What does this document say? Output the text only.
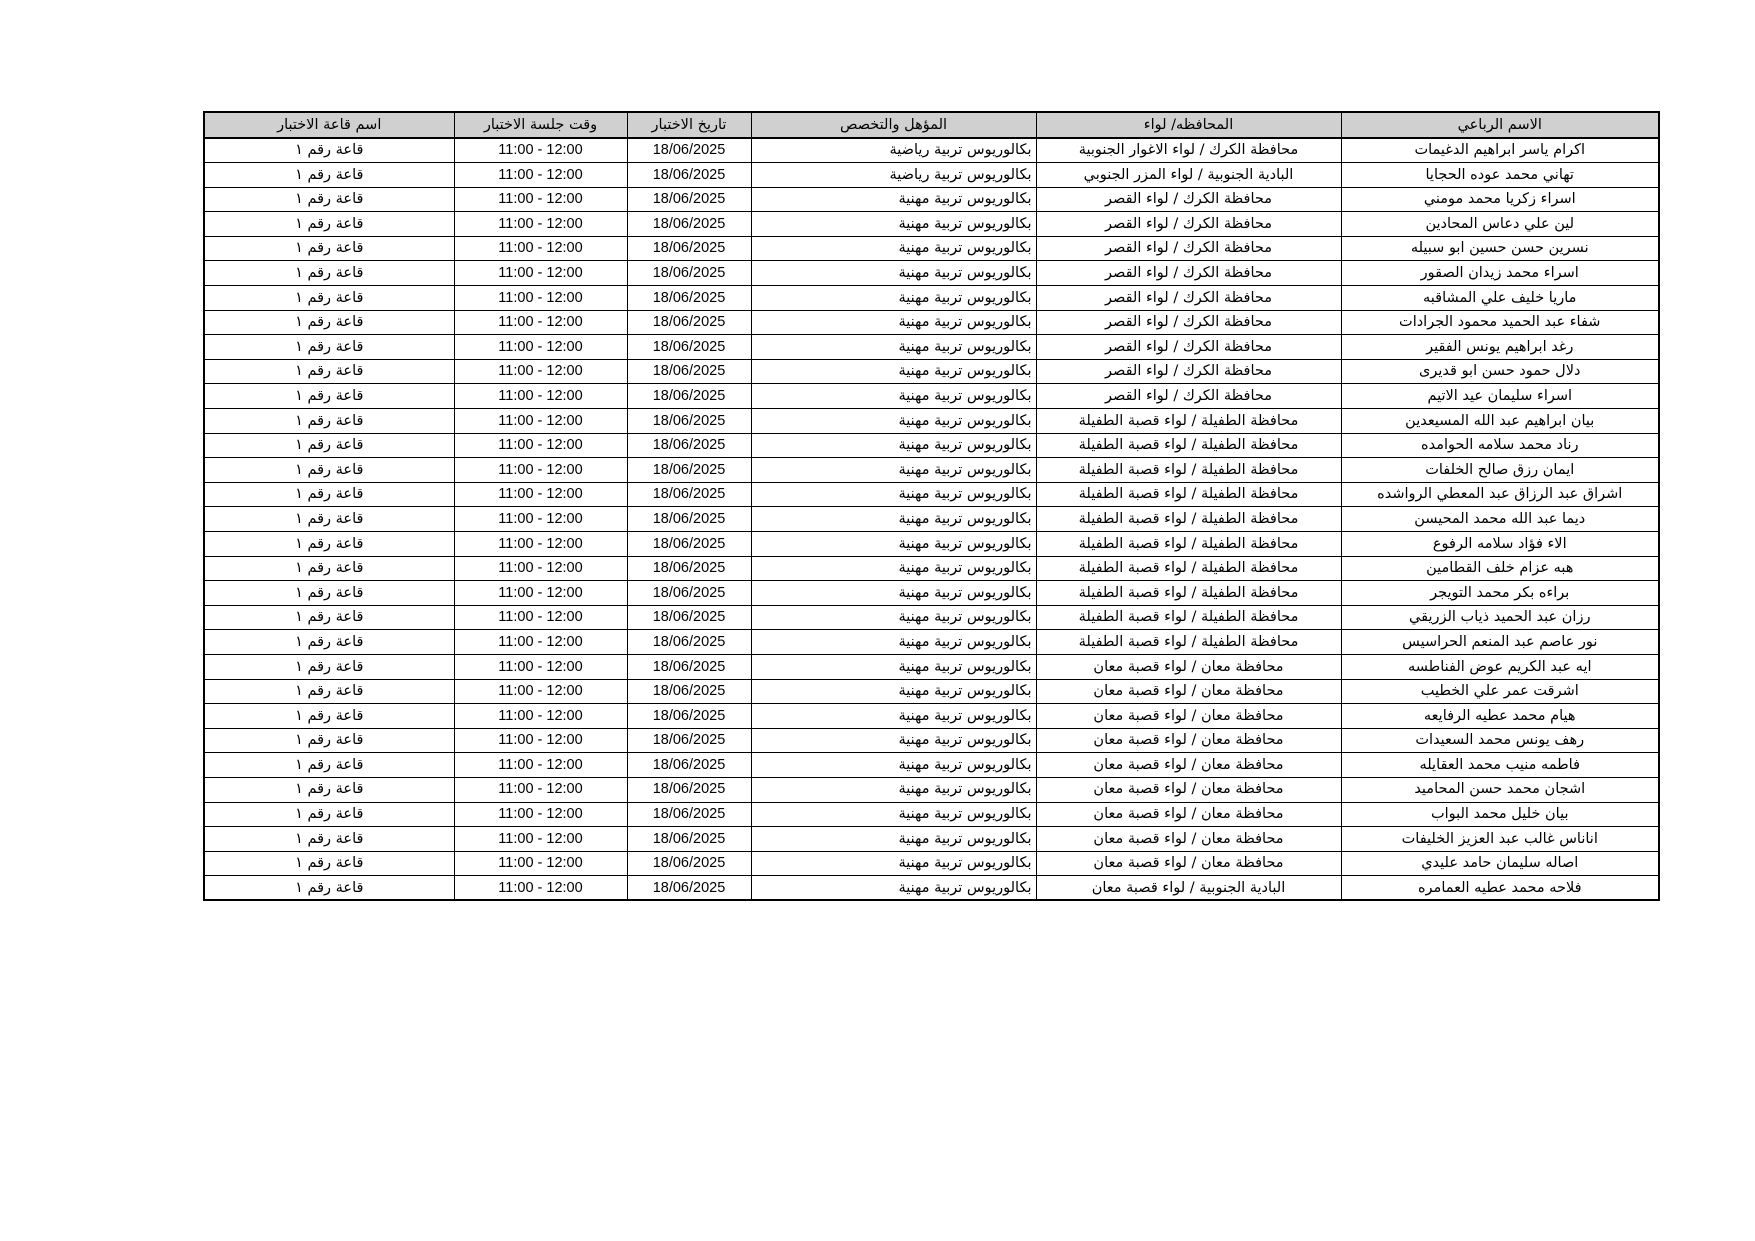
الاسم الرباعي	المحافظه/ لواء	المؤهل والتخصص	تاريخ الاختبار	وقت جلسة الاختبار	اسم قاعة الاختبار
اكرام ياسر ابراهيم الدغيمات	محافظة الكرك / لواء الاغوار الجنوبية	بكالوريوس تربية رياضية	18/06/2025	11:00 - 12:00	قاعة رقم ١
تهاني محمد عوده الحجايا	البادية الجنوبية / لواء المزر الجنوبي	بكالوريوس تربية رياضية	18/06/2025	11:00 - 12:00	قاعة رقم ١
اسراء زكريا محمد مومني	محافظة الكرك / لواء القصر	بكالوريوس تربية مهنية	18/06/2025	11:00 - 12:00	قاعة رقم ١
لين علي دعاس المحادين	محافظة الكرك / لواء القصر	بكالوريوس تربية مهنية	18/06/2025	11:00 - 12:00	قاعة رقم ١
نسرين حسن حسين ابو سبيله	محافظة الكرك / لواء القصر	بكالوريوس تربية مهنية	18/06/2025	11:00 - 12:00	قاعة رقم ١
اسراء محمد زيدان الصقور	محافظة الكرك / لواء القصر	بكالوريوس تربية مهنية	18/06/2025	11:00 - 12:00	قاعة رقم ١
ماريا خليف علي المشاقبه	محافظة الكرك / لواء القصر	بكالوريوس تربية مهنية	18/06/2025	11:00 - 12:00	قاعة رقم ١
شفاء عبد الحميد محمود الجرادات	محافظة الكرك / لواء القصر	بكالوريوس تربية مهنية	18/06/2025	11:00 - 12:00	قاعة رقم ١
رغد ابراهيم يونس الفقير	محافظة الكرك / لواء القصر	بكالوريوس تربية مهنية	18/06/2025	11:00 - 12:00	قاعة رقم ١
دلال حمود حسن ابو قديرى	محافظة الكرك / لواء القصر	بكالوريوس تربية مهنية	18/06/2025	11:00 - 12:00	قاعة رقم ١
اسراء سليمان عيد الاتيم	محافظة الكرك / لواء القصر	بكالوريوس تربية مهنية	18/06/2025	11:00 - 12:00	قاعة رقم ١
بيان ابراهيم عبد الله المسيعدين	محافظة الطفيلة / لواء قصبة الطفيلة	بكالوريوس تربية مهنية	18/06/2025	11:00 - 12:00	قاعة رقم ١
رناد محمد سلامه الحوامده	محافظة الطفيلة / لواء قصبة الطفيلة	بكالوريوس تربية مهنية	18/06/2025	11:00 - 12:00	قاعة رقم ١
ايمان رزق صالح الخلفات	محافظة الطفيلة / لواء قصبة الطفيلة	بكالوريوس تربية مهنية	18/06/2025	11:00 - 12:00	قاعة رقم ١
اشراق عبد الرزاق عبد المعطي الرواشده	محافظة الطفيلة / لواء قصبة الطفيلة	بكالوريوس تربية مهنية	18/06/2025	11:00 - 12:00	قاعة رقم ١
ديما عبد الله محمد المحيسن	محافظة الطفيلة / لواء قصبة الطفيلة	بكالوريوس تربية مهنية	18/06/2025	11:00 - 12:00	قاعة رقم ١
الاء فؤاد سلامه الرفوع	محافظة الطفيلة / لواء قصبة الطفيلة	بكالوريوس تربية مهنية	18/06/2025	11:00 - 12:00	قاعة رقم ١
هبه عزام خلف القطامين	محافظة الطفيلة / لواء قصبة الطفيلة	بكالوريوس تربية مهنية	18/06/2025	11:00 - 12:00	قاعة رقم ١
براءه بكر محمد التويجر	محافظة الطفيلة / لواء قصبة الطفيلة	بكالوريوس تربية مهنية	18/06/2025	11:00 - 12:00	قاعة رقم ١
رزان عبد الحميد ذياب الزريقي	محافظة الطفيلة / لواء قصبة الطفيلة	بكالوريوس تربية مهنية	18/06/2025	11:00 - 12:00	قاعة رقم ١
نور عاصم عبد المنعم الحراسيس	محافظة الطفيلة / لواء قصبة الطفيلة	بكالوريوس تربية مهنية	18/06/2025	11:00 - 12:00	قاعة رقم ١
ايه عبد الكريم عوض الفناطسه	محافظة معان / لواء قصبة معان	بكالوريوس تربية مهنية	18/06/2025	11:00 - 12:00	قاعة رقم ١
اشرقت عمر علي الخطيب	محافظة معان / لواء قصبة معان	بكالوريوس تربية مهنية	18/06/2025	11:00 - 12:00	قاعة رقم ١
هيام محمد عطيه الرفايعه	محافظة معان / لواء قصبة معان	بكالوريوس تربية مهنية	18/06/2025	11:00 - 12:00	قاعة رقم ١
رهف يونس محمد السعيدات	محافظة معان / لواء قصبة معان	بكالوريوس تربية مهنية	18/06/2025	11:00 - 12:00	قاعة رقم ١
فاطمه منيب محمد العقايله	محافظة معان / لواء قصبة معان	بكالوريوس تربية مهنية	18/06/2025	11:00 - 12:00	قاعة رقم ١
اشجان محمد حسن المحاميد	محافظة معان / لواء قصبة معان	بكالوريوس تربية مهنية	18/06/2025	11:00 - 12:00	قاعة رقم ١
بيان خليل محمد البواب	محافظة معان / لواء قصبة معان	بكالوريوس تربية مهنية	18/06/2025	11:00 - 12:00	قاعة رقم ١
اناناس غالب عبد العزيز الخليفات	محافظة معان / لواء قصبة معان	بكالوريوس تربية مهنية	18/06/2025	11:00 - 12:00	قاعة رقم ١
اصاله سليمان حامد عليدي	محافظة معان / لواء قصبة معان	بكالوريوس تربية مهنية	18/06/2025	11:00 - 12:00	قاعة رقم ١
فلاحه محمد عطيه العمامره	البادية الجنوبية / لواء قصبة معان	بكالوريوس تربية مهنية	18/06/2025	11:00 - 12:00	قاعة رقم ١
